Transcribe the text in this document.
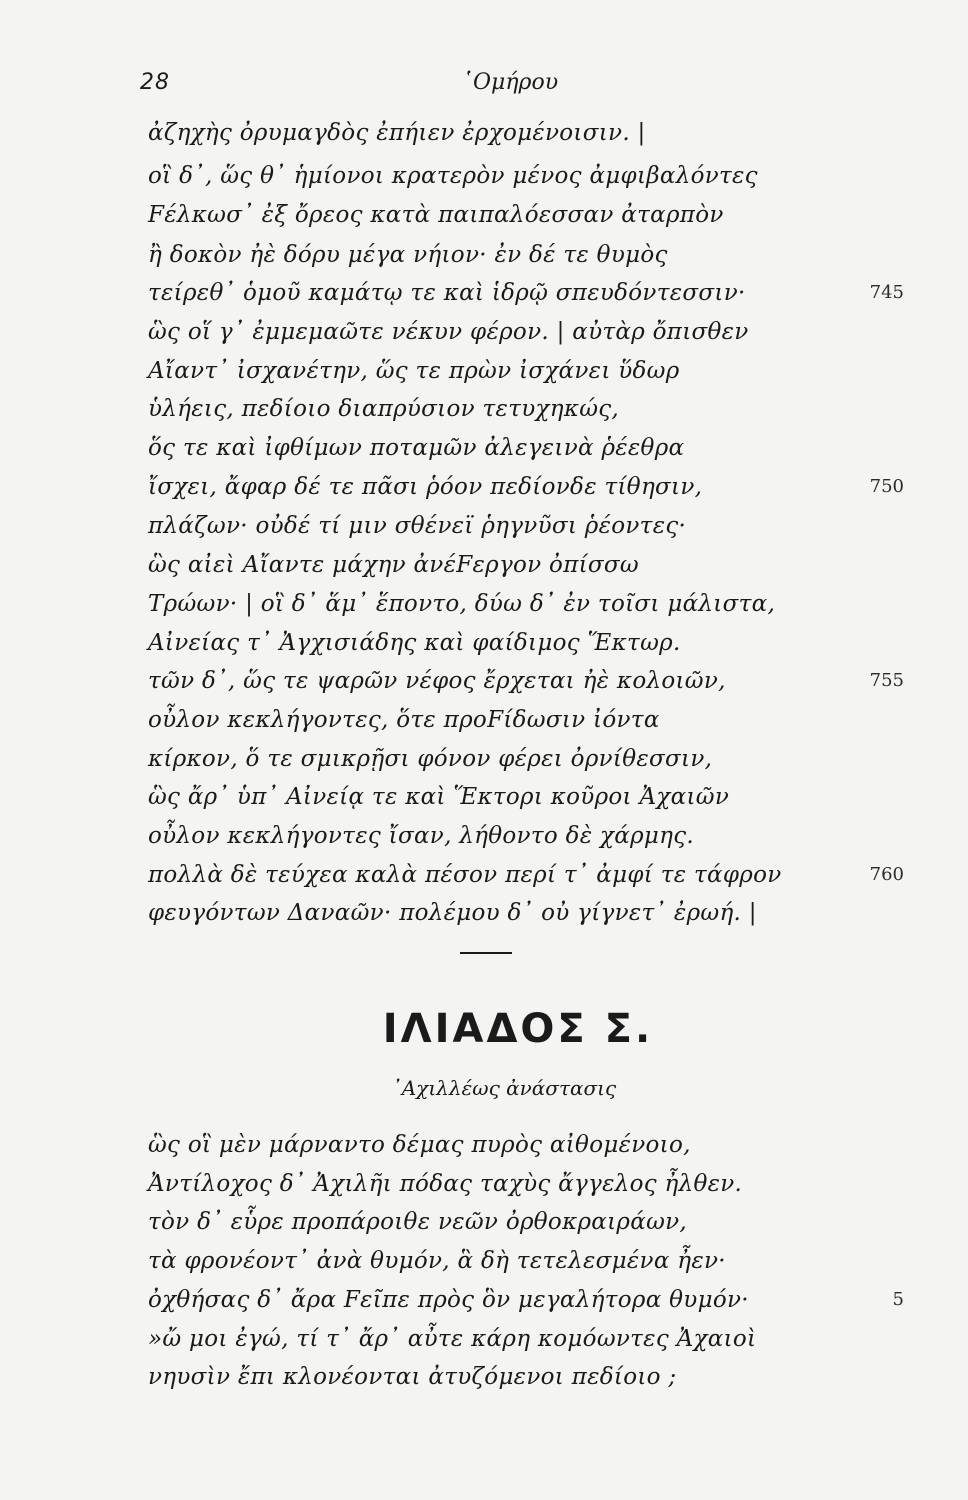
28	῾Ομήρου
ἀζηχὴς ὀρυμαγδὸς ἐπήιεν ἐρχομένοισιν. |
οἳ δ᾽, ὥς θ᾽ ἡμίονοι κρατερὸν μένος ἀμφιβαλόντες
Fέλκωσ᾽ ἐξ ὄρεος κατὰ παιπαλόεσσαν ἀταρπὸν
ἢ δοκὸν ἠὲ δόρυ μέγα νήιον· ἐν δέ τε θυμὸς
τείρεθ᾽ ὁμοῦ καμάτῳ τε καὶ ἱδρῷ σπευδόντεσσιν·
ὣς οἵ γ᾽ ἐμμεμαῶτε νέκυν φέρον. | αὐτὰρ ὄπισθεν
Αἴαντ᾽ ἰσχανέτην, ὥς τε πρὼν ἰσχάνει ὕδωρ
ὑλήεις, πεδίοιο διαπρύσιον τετυχηκώς,
ὅς τε καὶ ἰφθίμων ποταμῶν ἀλεγεινὰ ῥέεθρα
ἴσχει, ἄφαρ δέ τε πᾶσι ῥόον πεδίονδε τίθησιν,
πλάζων· οὐδέ τί μιν σθένεϊ ῥηγνῦσι ῥέοντες·
ὣς αἰεὶ Αἴαντε μάχην ἀνέFεργον ὀπίσσω
Τρώων· | οἳ δ᾽ ἅμ᾽ ἕποντο, δύω δ᾽ ἐν τοῖσι μάλιστα,
Αἰνείας τ᾽ Ἀγχισιάδης καὶ φαίδιμος Ἕκτωρ.
τῶν δ᾽, ὥς τε ψαρῶν νέφος ἔρχεται ἠὲ κολοιῶν,
οὖλον κεκλήγοντες, ὅτε προFίδωσιν ἰόντα
κίρκον, ὅ τε σμικρῇσι φόνον φέρει ὀρνίθεσσιν,
ὣς ἄρ᾽ ὑπ᾽ Αἰνείᾳ τε καὶ Ἕκτορι κοῦροι Ἀχαιῶν
οὖλον κεκλήγοντες ἴσαν, λήθοντο δὲ χάρμης.
πολλὰ δὲ τεύχεα καλὰ πέσον περί τ᾽ ἀμφί τε τάφρον
φευγόντων Δαναῶν· πολέμου δ᾽ οὐ γίγνετ᾽ ἐρωή. |
745
750
755
760
ΙΛΙΑΔΟΣ Σ.
᾽Αχιλλέως ἀνάστασις
ὣς οἳ μὲν μάρναντο δέμας πυρὸς αἰθομένοιο,
Ἀντίλοχος δ᾽ Ἀχιλῆι πόδας ταχὺς ἄγγελος ἦλθεν.
τὸν δ᾽ εὗρε προπάροιθε νεῶν ὀρθοκραιράων,
τὰ φρονέοντ᾽ ἀνὰ θυμόν, ἃ δὴ τετελεσμένα ἦεν·
ὀχθήσας δ᾽ ἄρα Fεῖπε πρὸς ὃν μεγαλήτορα θυμόν·
»ὤ μοι ἐγώ, τί τ᾽ ἄρ᾽ αὖτε κάρη κομόωντες Ἀχαιοὶ
νηυσὶν ἔπι κλονέονται ἀτυζόμενοι πεδίοιο ;
5
